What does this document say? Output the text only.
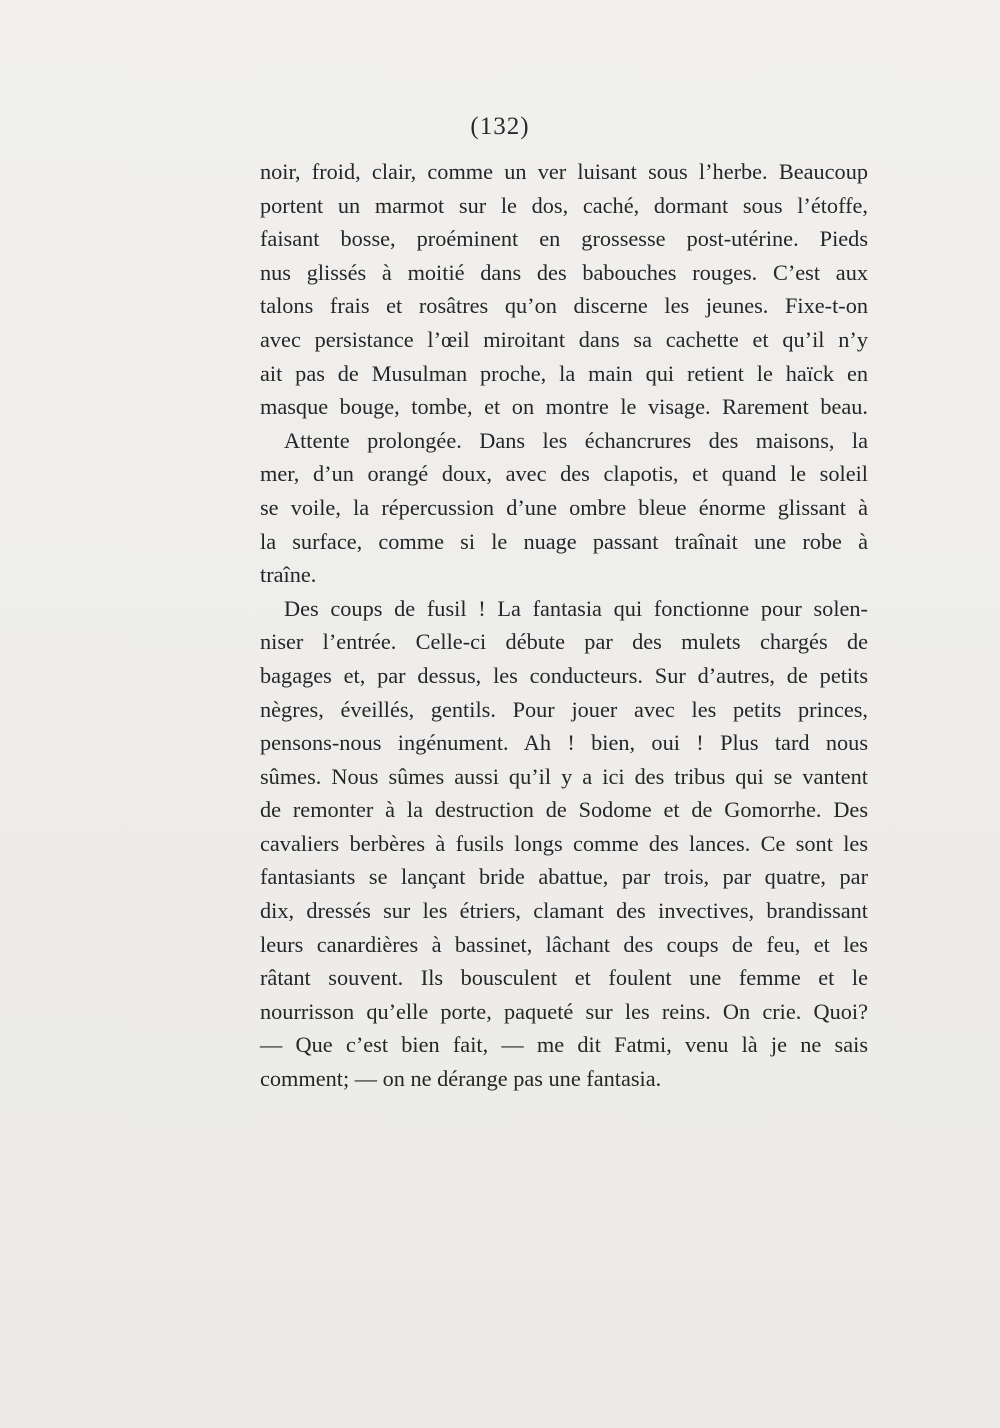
(132)

noir, froid, clair, comme un ver luisant sous l’herbe. Beaucoup
portent un marmot sur le dos, caché, dormant sous l’étoffe,
faisant bosse, proéminent en grossesse post-utérine. Pieds
nus glissés à moitié dans des babouches rouges. C’est aux
talons frais et rosâtres qu’on discerne les jeunes. Fixe-t-on
avec persistance l’œil miroitant dans sa cachette et qu’il n’y
ait pas de Musulman proche, la main qui retient le haïck en
masque bouge, tombe, et on montre le visage. Rarement beau.

Attente prolongée. Dans les échancrures des maisons, la
mer, d’un orangé doux, avec des clapotis, et quand le soleil
se voile, la répercussion d’une ombre bleue énorme glissant à
la surface, comme si le nuage passant traînait une robe à
traîne.

Des coups de fusil ! La fantasia qui fonctionne pour solen-
niser l’entrée. Celle-ci débute par des mulets chargés de
bagages et, par dessus, les conducteurs. Sur d’autres, de petits
nègres, éveillés, gentils. Pour jouer avec les petits princes,
pensons-nous ingénument. Ah ! bien, oui ! Plus tard nous
sûmes. Nous sûmes aussi qu’il y a ici des tribus qui se vantent
de remonter à la destruction de Sodome et de Gomorrhe. Des
cavaliers berbères à fusils longs comme des lances. Ce sont les
fantasiants se lançant bride abattue, par trois, par quatre, par
dix, dressés sur les étriers, clamant des invectives, brandissant
leurs canardières à bassinet, lâchant des coups de feu, et les
râtant souvent. Ils bousculent et foulent une femme et le
nourrisson qu’elle porte, paqueté sur les reins. On crie. Quoi?
— Que c’est bien fait, — me dit Fatmi, venu là je ne sais
comment; — on ne dérange pas une fantasia.
